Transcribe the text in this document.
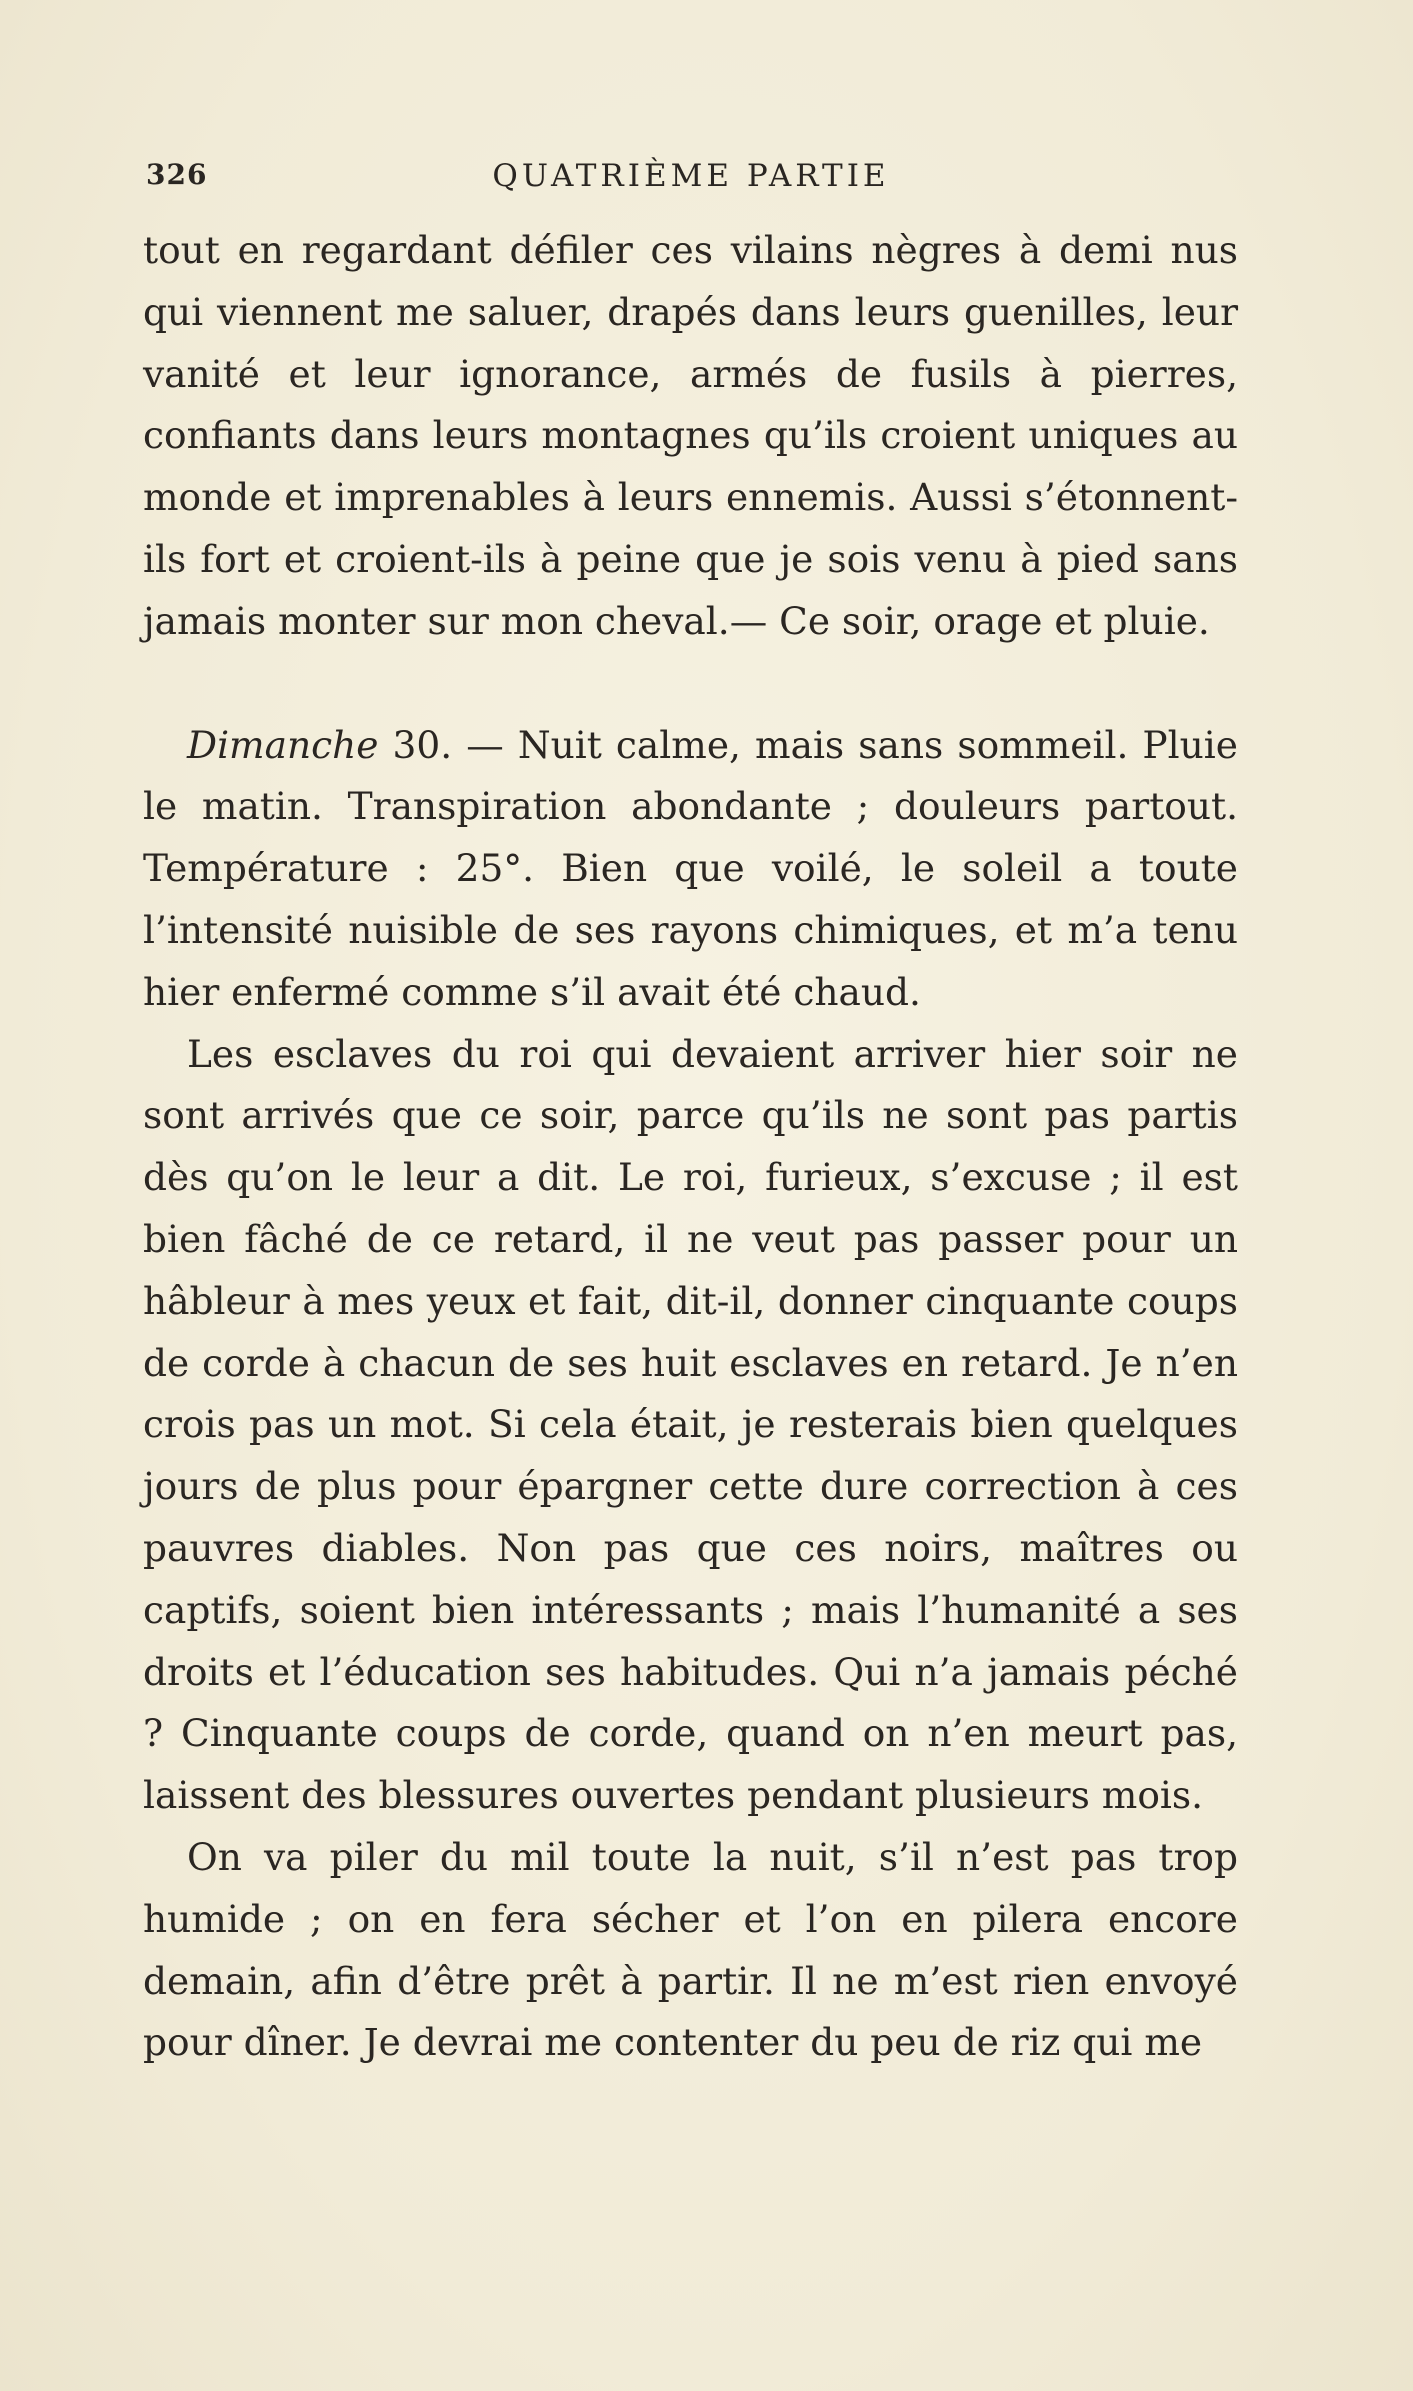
326	QUATRIÈME PARTIE

tout en regardant défiler ces vilains nègres à demi nus qui viennent me saluer, drapés dans leurs guenilles, leur vanité et leur ignorance, armés de fusils à pierres, confiants dans leurs montagnes qu’ils croient uniques au monde et imprenables à leurs ennemis. Aussi s’étonnent-ils fort et croient-ils à peine que je sois venu à pied sans jamais monter sur mon cheval.— Ce soir, orage et pluie.

Dimanche 30. — Nuit calme, mais sans sommeil. Pluie le matin. Transpiration abondante ; douleurs partout. Température : 25°. Bien que voilé, le soleil a toute l’intensité nuisible de ses rayons chimiques, et m’a tenu hier enfermé comme s’il avait été chaud.

Les esclaves du roi qui devaient arriver hier soir ne sont arrivés que ce soir, parce qu’ils ne sont pas partis dès qu’on le leur a dit. Le roi, furieux, s’excuse ; il est bien fâché de ce retard, il ne veut pas passer pour un hâbleur à mes yeux et fait, dit-il, donner cinquante coups de corde à chacun de ses huit esclaves en retard. Je n’en crois pas un mot. Si cela était, je resterais bien quelques jours de plus pour épargner cette dure correction à ces pauvres diables. Non pas que ces noirs, maîtres ou captifs, soient bien intéressants ; mais l’humanité a ses droits et l’éducation ses habitudes. Qui n’a jamais péché ? Cinquante coups de corde, quand on n’en meurt pas, laissent des blessures ouvertes pendant plusieurs mois.

On va piler du mil toute la nuit, s’il n’est pas trop humide ; on en fera sécher et l’on en pilera encore demain, afin d’être prêt à partir. Il ne m’est rien envoyé pour dîner. Je devrai me contenter du peu de riz qui me
